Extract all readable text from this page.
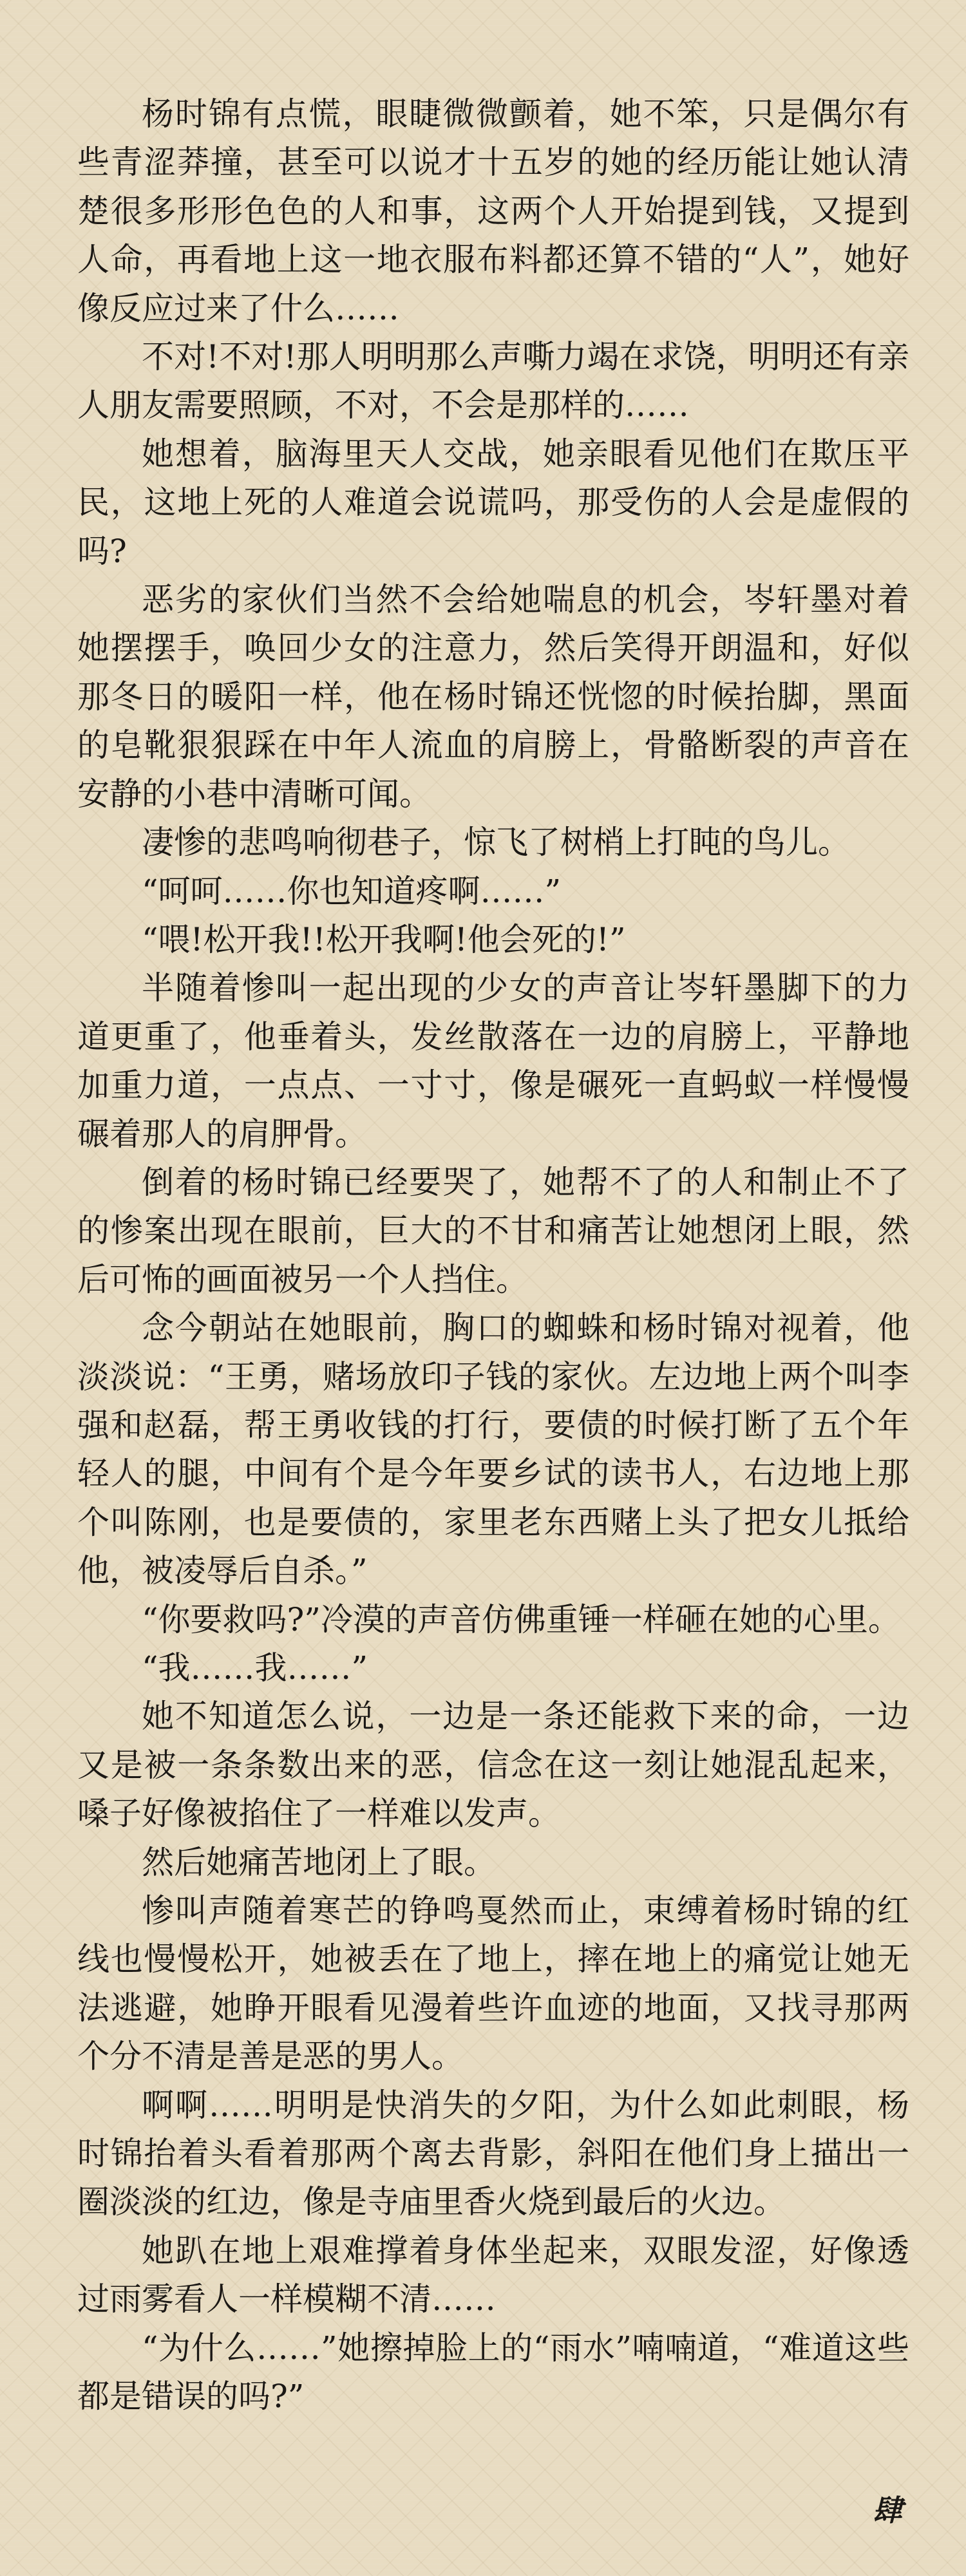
杨时锦有点慌，眼睫微微颤着，她不笨，只是偶尔有些青涩莽撞，甚至可以说才十五岁的她的经历能让她认清楚很多形形色色的人和事，这两个人开始提到钱，又提到人命，再看地上这一地衣服布料都还算不错的“人”，她好像反应过来了什么……

不对!不对!那人明明那么声嘶力竭在求饶，明明还有亲人朋友需要照顾，不对，不会是那样的……

她想着，脑海里天人交战，她亲眼看见他们在欺压平民，这地上死的人难道会说谎吗，那受伤的人会是虚假的吗?

恶劣的家伙们当然不会给她喘息的机会，岑轩墨对着她摆摆手，唤回少女的注意力，然后笑得开朗温和，好似那冬日的暖阳一样，他在杨时锦还恍惚的时候抬脚，黑面的皂靴狠狠踩在中年人流血的肩膀上，骨骼断裂的声音在安静的小巷中清晰可闻。

凄惨的悲鸣响彻巷子，惊飞了树梢上打盹的鸟儿。

“呵呵……你也知道疼啊……”

“喂!松开我!!松开我啊!他会死的!”

半随着惨叫一起出现的少女的声音让岑轩墨脚下的力道更重了，他垂着头，发丝散落在一边的肩膀上，平静地加重力道，一点点、一寸寸，像是碾死一直蚂蚁一样慢慢碾着那人的肩胛骨。

倒着的杨时锦已经要哭了，她帮不了的人和制止不了的惨案出现在眼前，巨大的不甘和痛苦让她想闭上眼，然后可怖的画面被另一个人挡住。

念今朝站在她眼前，胸口的蜘蛛和杨时锦对视着，他淡淡说：“王勇，赌场放印子钱的家伙。左边地上两个叫李强和赵磊，帮王勇收钱的打行，要债的时候打断了五个年轻人的腿，中间有个是今年要乡试的读书人，右边地上那个叫陈刚，也是要债的，家里老东西赌上头了把女儿抵给他，被凌辱后自杀。”

“你要救吗?”冷漠的声音仿佛重锤一样砸在她的心里。

“我……我……”

她不知道怎么说，一边是一条还能救下来的命，一边又是被一条条数出来的恶，信念在这一刻让她混乱起来，嗓子好像被掐住了一样难以发声。

然后她痛苦地闭上了眼。

惨叫声随着寒芒的铮鸣戛然而止，束缚着杨时锦的红线也慢慢松开，她被丢在了地上，摔在地上的痛觉让她无法逃避，她睁开眼看见漫着些许血迹的地面，又找寻那两个分不清是善是恶的男人。

啊啊……明明是快消失的夕阳，为什么如此刺眼，杨时锦抬着头看着那两个离去背影，斜阳在他们身上描出一圈淡淡的红边，像是寺庙里香火烧到最后的火边。

她趴在地上艰难撑着身体坐起来，双眼发涩，好像透过雨雾看人一样模糊不清……

“为什么……”她擦掉脸上的“雨水”喃喃道，“难道这些都是错误的吗?”

肆
